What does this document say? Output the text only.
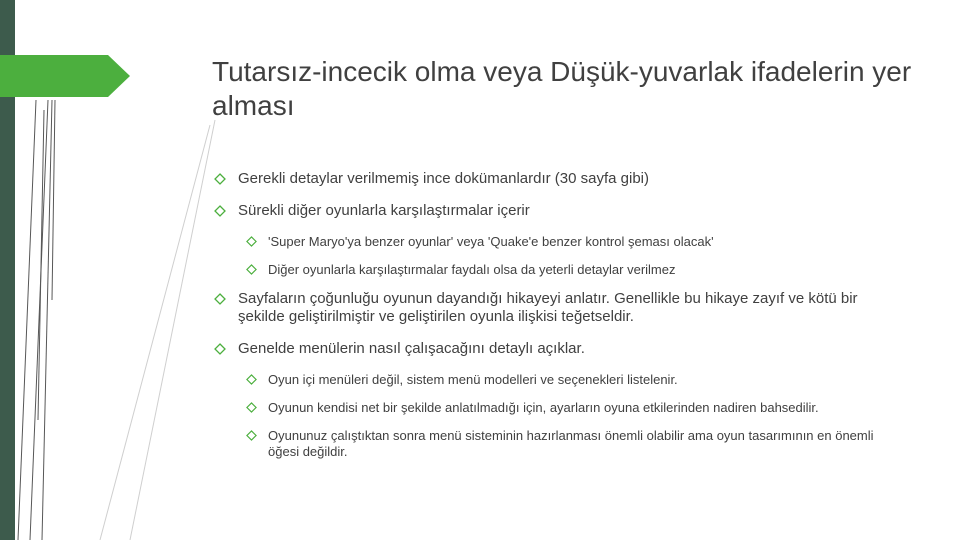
Tutarsız-incecik olma veya Düşük-yuvarlak ifadelerin yer alması
Gerekli detaylar verilmemiş ince dokümanlardır (30 sayfa gibi)
Sürekli diğer oyunlarla karşılaştırmalar içerir
'Super Maryo'ya benzer oyunlar' veya 'Quake'e benzer kontrol şeması olacak'
Diğer oyunlarla karşılaştırmalar faydalı olsa da yeterli detaylar verilmez
Sayfaların çoğunluğu oyunun dayandığı hikayeyi anlatır. Genellikle bu hikaye zayıf ve kötü bir şekilde geliştirilmiştir ve geliştirilen oyunla ilişkisi teğetseldir.
Genelde menülerin nasıl çalışacağını detaylı açıklar.
Oyun içi menüleri değil, sistem menü modelleri ve seçenekleri listelenir.
Oyunun kendisi net bir şekilde anlatılmadığı için, ayarların oyuna etkilerinden nadiren bahsedilir.
Oyununuz çalıştıktan sonra menü sisteminin hazırlanması önemli olabilir ama oyun tasarımının en önemli öğesi değildir.
